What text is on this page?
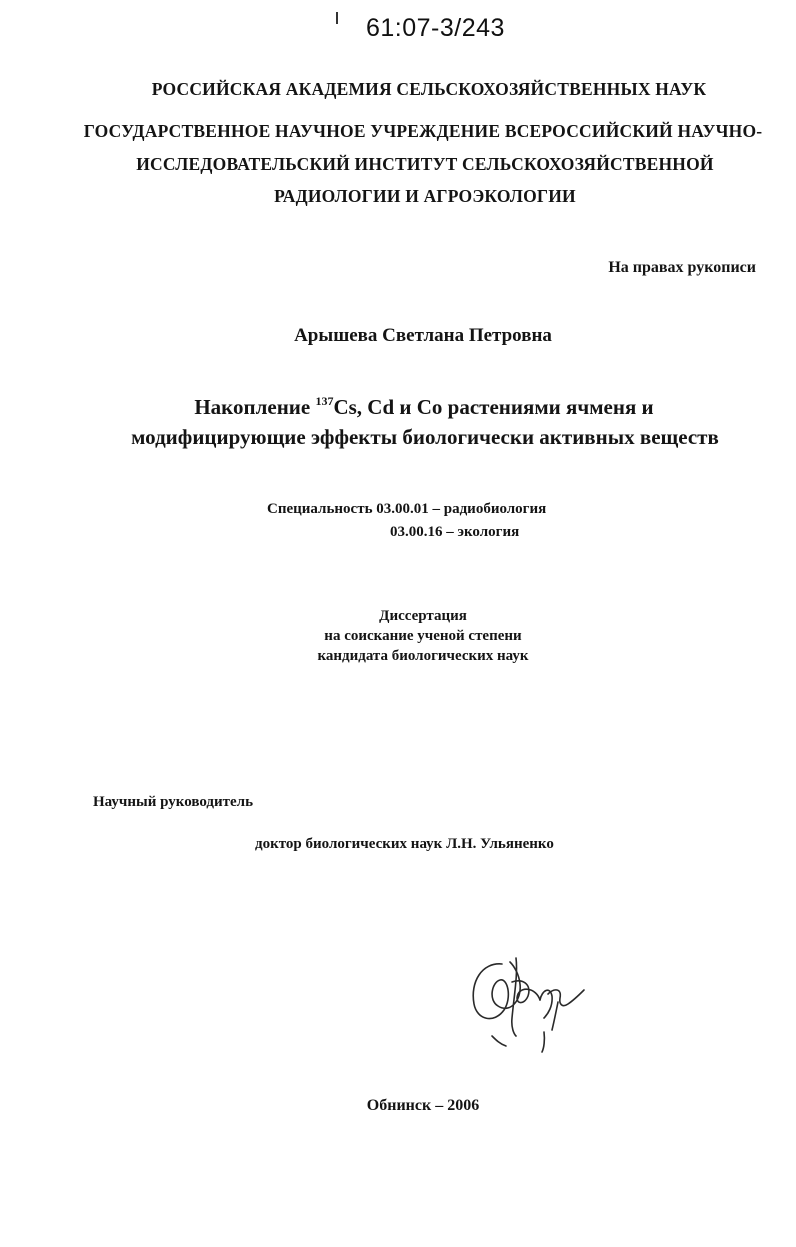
61:07-3/243
РОССИЙСКАЯ АКАДЕМИЯ СЕЛЬСКОХОЗЯЙСТВЕННЫХ НАУК
ГОСУДАРСТВЕННОЕ НАУЧНОЕ УЧРЕЖДЕНИЕ ВСЕРОССИЙСКИЙ НАУЧНО-
ИССЛЕДОВАТЕЛЬСКИЙ ИНСТИТУТ СЕЛЬСКОХОЗЯЙСТВЕННОЙ
РАДИОЛОГИИ И АГРОЭКОЛОГИИ
На правах рукописи
Арышева Светлана Петровна
Накопление $^{137}$Cs, Cd и Co растениями ячменя и
модифицирующие эффекты биологически активных веществ
Специальность 03.00.01 – радиобиология
03.00.16 – экология
Диссертация
на соискание ученой степени
кандидата биологических наук
Научный руководитель
доктор биологических наук Л.Н. Ульяненко
Обнинск – 2006
